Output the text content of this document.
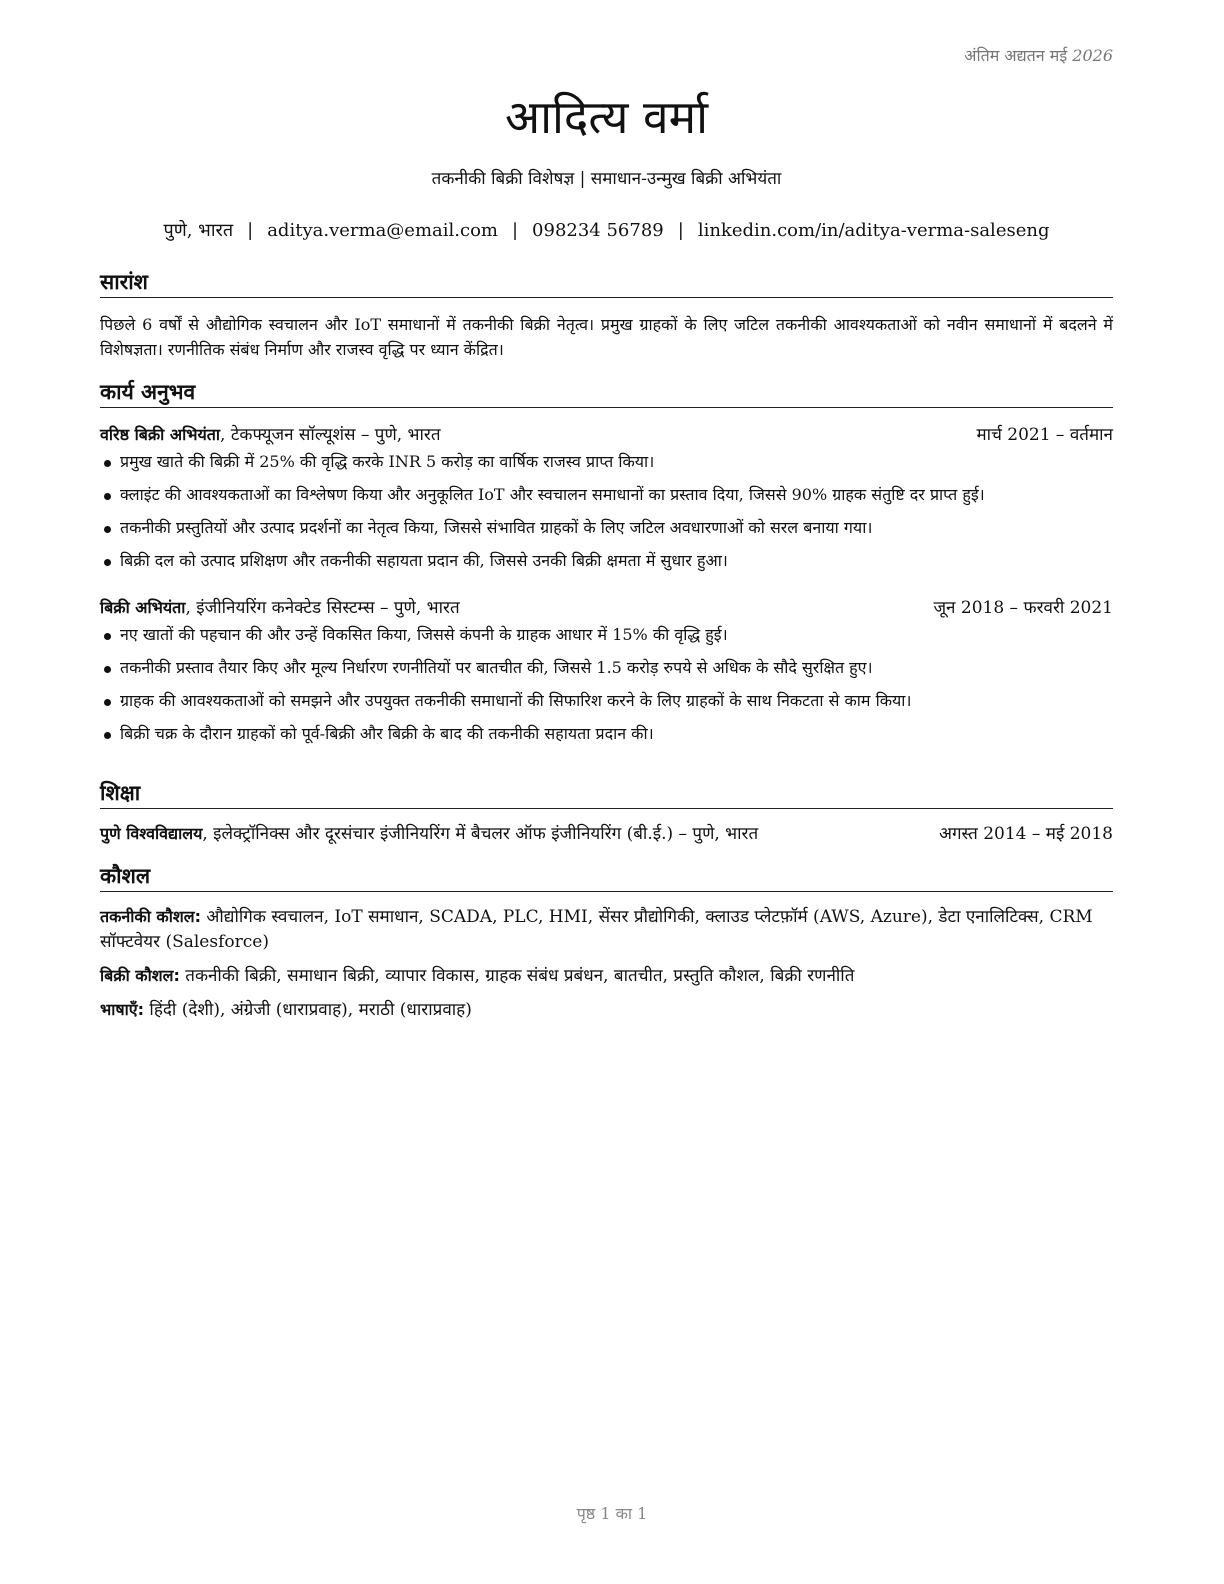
अंतिम अद्यतन मई 2026
आदित्य वर्मा
तकनीकी बिक्री विशेषज्ञ | समाधान-उन्मुख बिक्री अभियंता
पुणे, भारत | aditya.verma@email.com | 098234 56789 | linkedin.com/in/aditya-verma-saleseng
सारांश
पिछले 6 वर्षों से औद्योगिक स्वचालन और IoT समाधानों में तकनीकी बिक्री नेतृत्व। प्रमुख ग्राहकों के लिए जटिल तकनीकी आवश्यकताओं को नवीन समाधानों में बदलने में विशेषज्ञता। रणनीतिक संबंध निर्माण और राजस्व वृद्धि पर ध्यान केंद्रित।
कार्य अनुभव
वरिष्ठ बिक्री अभियंता, टेकफ्यूजन सॉल्यूशंस – पुणे, भारत	मार्च 2021 – वर्तमान
प्रमुख खाते की बिक्री में 25% की वृद्धि करके INR 5 करोड़ का वार्षिक राजस्व प्राप्त किया।
क्लाइंट की आवश्यकताओं का विश्लेषण किया और अनुकूलित IoT और स्वचालन समाधानों का प्रस्ताव दिया, जिससे 90% ग्राहक संतुष्टि दर प्राप्त हुई।
तकनीकी प्रस्तुतियों और उत्पाद प्रदर्शनों का नेतृत्व किया, जिससे संभावित ग्राहकों के लिए जटिल अवधारणाओं को सरल बनाया गया।
बिक्री दल को उत्पाद प्रशिक्षण और तकनीकी सहायता प्रदान की, जिससे उनकी बिक्री क्षमता में सुधार हुआ।
बिक्री अभियंता, इंजीनियरिंग कनेक्टेड सिस्टम्स – पुणे, भारत	जून 2018 – फरवरी 2021
नए खातों की पहचान की और उन्हें विकसित किया, जिससे कंपनी के ग्राहक आधार में 15% की वृद्धि हुई।
तकनीकी प्रस्ताव तैयार किए और मूल्य निर्धारण रणनीतियों पर बातचीत की, जिससे 1.5 करोड़ रुपये से अधिक के सौदे सुरक्षित हुए।
ग्राहक की आवश्यकताओं को समझने और उपयुक्त तकनीकी समाधानों की सिफारिश करने के लिए ग्राहकों के साथ निकटता से काम किया।
बिक्री चक्र के दौरान ग्राहकों को पूर्व-बिक्री और बिक्री के बाद की तकनीकी सहायता प्रदान की।
शिक्षा
पुणे विश्वविद्यालय, इलेक्ट्रॉनिक्स और दूरसंचार इंजीनियरिंग में बैचलर ऑफ इंजीनियरिंग (बी.ई.) – पुणे, भारत	अगस्त 2014 – मई 2018
कौशल
तकनीकी कौशल: औद्योगिक स्वचालन, IoT समाधान, SCADA, PLC, HMI, सेंसर प्रौद्योगिकी, क्लाउड प्लेटफ़ॉर्म (AWS, Azure), डेटा एनालिटिक्स, CRM सॉफ्टवेयर (Salesforce)
बिक्री कौशल: तकनीकी बिक्री, समाधान बिक्री, व्यापार विकास, ग्राहक संबंध प्रबंधन, बातचीत, प्रस्तुति कौशल, बिक्री रणनीति
भाषाएँ: हिंदी (देशी), अंग्रेजी (धाराप्रवाह), मराठी (धाराप्रवाह)
पृष्ठ 1 का 1
